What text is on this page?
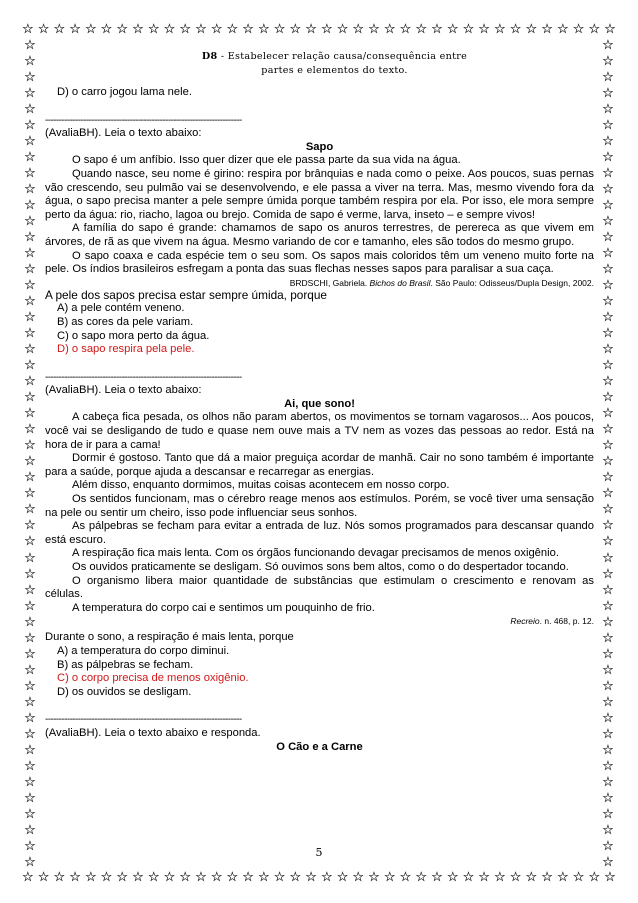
☆ ☆ ☆ ☆ ☆ ☆ ☆ ☆ ☆ ☆ ☆ ☆ ☆ ☆ ☆ ☆ ☆ ☆ ☆ ☆ ☆ ☆ ☆ ☆ ☆ ☆ ☆ ☆ ☆ ☆ ☆ ☆ ☆ ☆ ☆ ☆ ☆ ☆
☆ ☆ ☆ ☆ ☆ ☆ ☆ ☆ ☆ ☆ ☆ ☆ ☆ ☆ ☆ ☆ ☆ ☆ ☆ ☆ ☆ ☆ ☆ ☆ ☆ ☆ ☆ ☆ ☆ ☆ ☆ ☆ ☆ ☆ ☆ ☆ ☆ ☆
☆
☆
☆
☆
☆
☆
☆
☆
☆
☆
☆
☆
☆
☆
☆
☆
☆
☆
☆
☆
☆
☆
☆
☆
☆
☆
☆
☆
☆
☆
☆
☆
☆
☆
☆
☆
☆
☆
☆
☆
☆
☆
☆
☆
☆
☆
☆
☆
☆
☆
☆
☆
☆
☆
☆
☆
☆
☆
☆
☆
☆
☆
☆
☆
☆
☆
☆
☆
☆
☆
☆
☆
☆
☆
☆
☆
☆
☆
☆
☆
☆
☆
☆
☆
☆
☆
☆
☆
☆
☆
☆
☆
☆
☆
☆
☆
☆
☆
☆
☆
☆
☆
☆
☆
D8 - Estabelecer relação causa/consequência entre
partes e elementos do texto.

D) o carro jogou lama nele.

------------------------------------------------------------------------

(AvaliaBH). Leia o texto abaixo:

Sapo

O sapo é um anfíbio. Isso quer dizer que ele passa parte da sua vida na água.

Quando nasce, seu nome é girino: respira por brânquias e nada como o peixe. Aos poucos, suas pernas vão crescendo, seu pulmão vai se desenvolvendo, e ele passa a viver na terra. Mas, mesmo vivendo fora da água, o sapo precisa manter a pele sempre úmida porque também respira por ela. Por isso, ele mora sempre perto da água: rio, riacho, lagoa ou brejo. Comida de sapo é verme, larva, inseto – e sempre vivos!

A família do sapo é grande: chamamos de sapo os anuros terrestres, de perereca as que vivem em árvores, de rã as que vivem na água. Mesmo variando de cor e tamanho, eles são todos do mesmo grupo.

O sapo coaxa e cada espécie tem o seu som. Os sapos mais coloridos têm um veneno muito forte na pele. Os índios brasileiros esfregam a ponta das suas flechas nesses sapos para paralisar a sua caça.

BRDSCHI, Gabriela. Bichos do Brasil. São Paulo: Odisseus/Dupla Design, 2002.

A pele dos sapos precisa estar sempre úmida, porque

A) a pele contém veneno.

B) as cores da pele variam.

C) o sapo mora perto da água.

D) o sapo respira pela pele.

------------------------------------------------------------------------

(AvaliaBH). Leia o texto abaixo:

Ai, que sono!

A cabeça fica pesada, os olhos não param abertos, os movimentos se tornam vagarosos... Aos poucos, você vai se desligando de tudo e quase nem ouve mais a TV nem as vozes das pessoas ao redor. Está na hora de ir para a cama!

Dormir é gostoso. Tanto que dá a maior preguiça acordar de manhã. Cair no sono também é importante para a saúde, porque ajuda a descansar e recarregar as energias.

Além disso, enquanto dormimos, muitas coisas acontecem em nosso corpo.

Os sentidos funcionam, mas o cérebro reage menos aos estímulos. Porém, se você tiver uma sensação na pele ou sentir um cheiro, isso pode influenciar seus sonhos.

As pálpebras se fecham para evitar a entrada de luz. Nós somos programados para descansar quando está escuro.

A respiração fica mais lenta. Com os órgãos funcionando devagar precisamos de menos oxigênio.

Os ouvidos praticamente se desligam. Só ouvimos sons bem altos, como o do despertador tocando.

O organismo libera maior quantidade de substâncias que estimulam o crescimento e renovam as células.

A temperatura do corpo cai e sentimos um pouquinho de frio.

Recreio. n. 468, p. 12.

Durante o sono, a respiração é mais lenta, porque

A) a temperatura do corpo diminui.

B) as pálpebras se fecham.

C) o corpo precisa de menos oxigênio.

D) os ouvidos se desligam.

------------------------------------------------------------------------

(AvaliaBH). Leia o texto abaixo e responda.

O Cão e a Carne

5
